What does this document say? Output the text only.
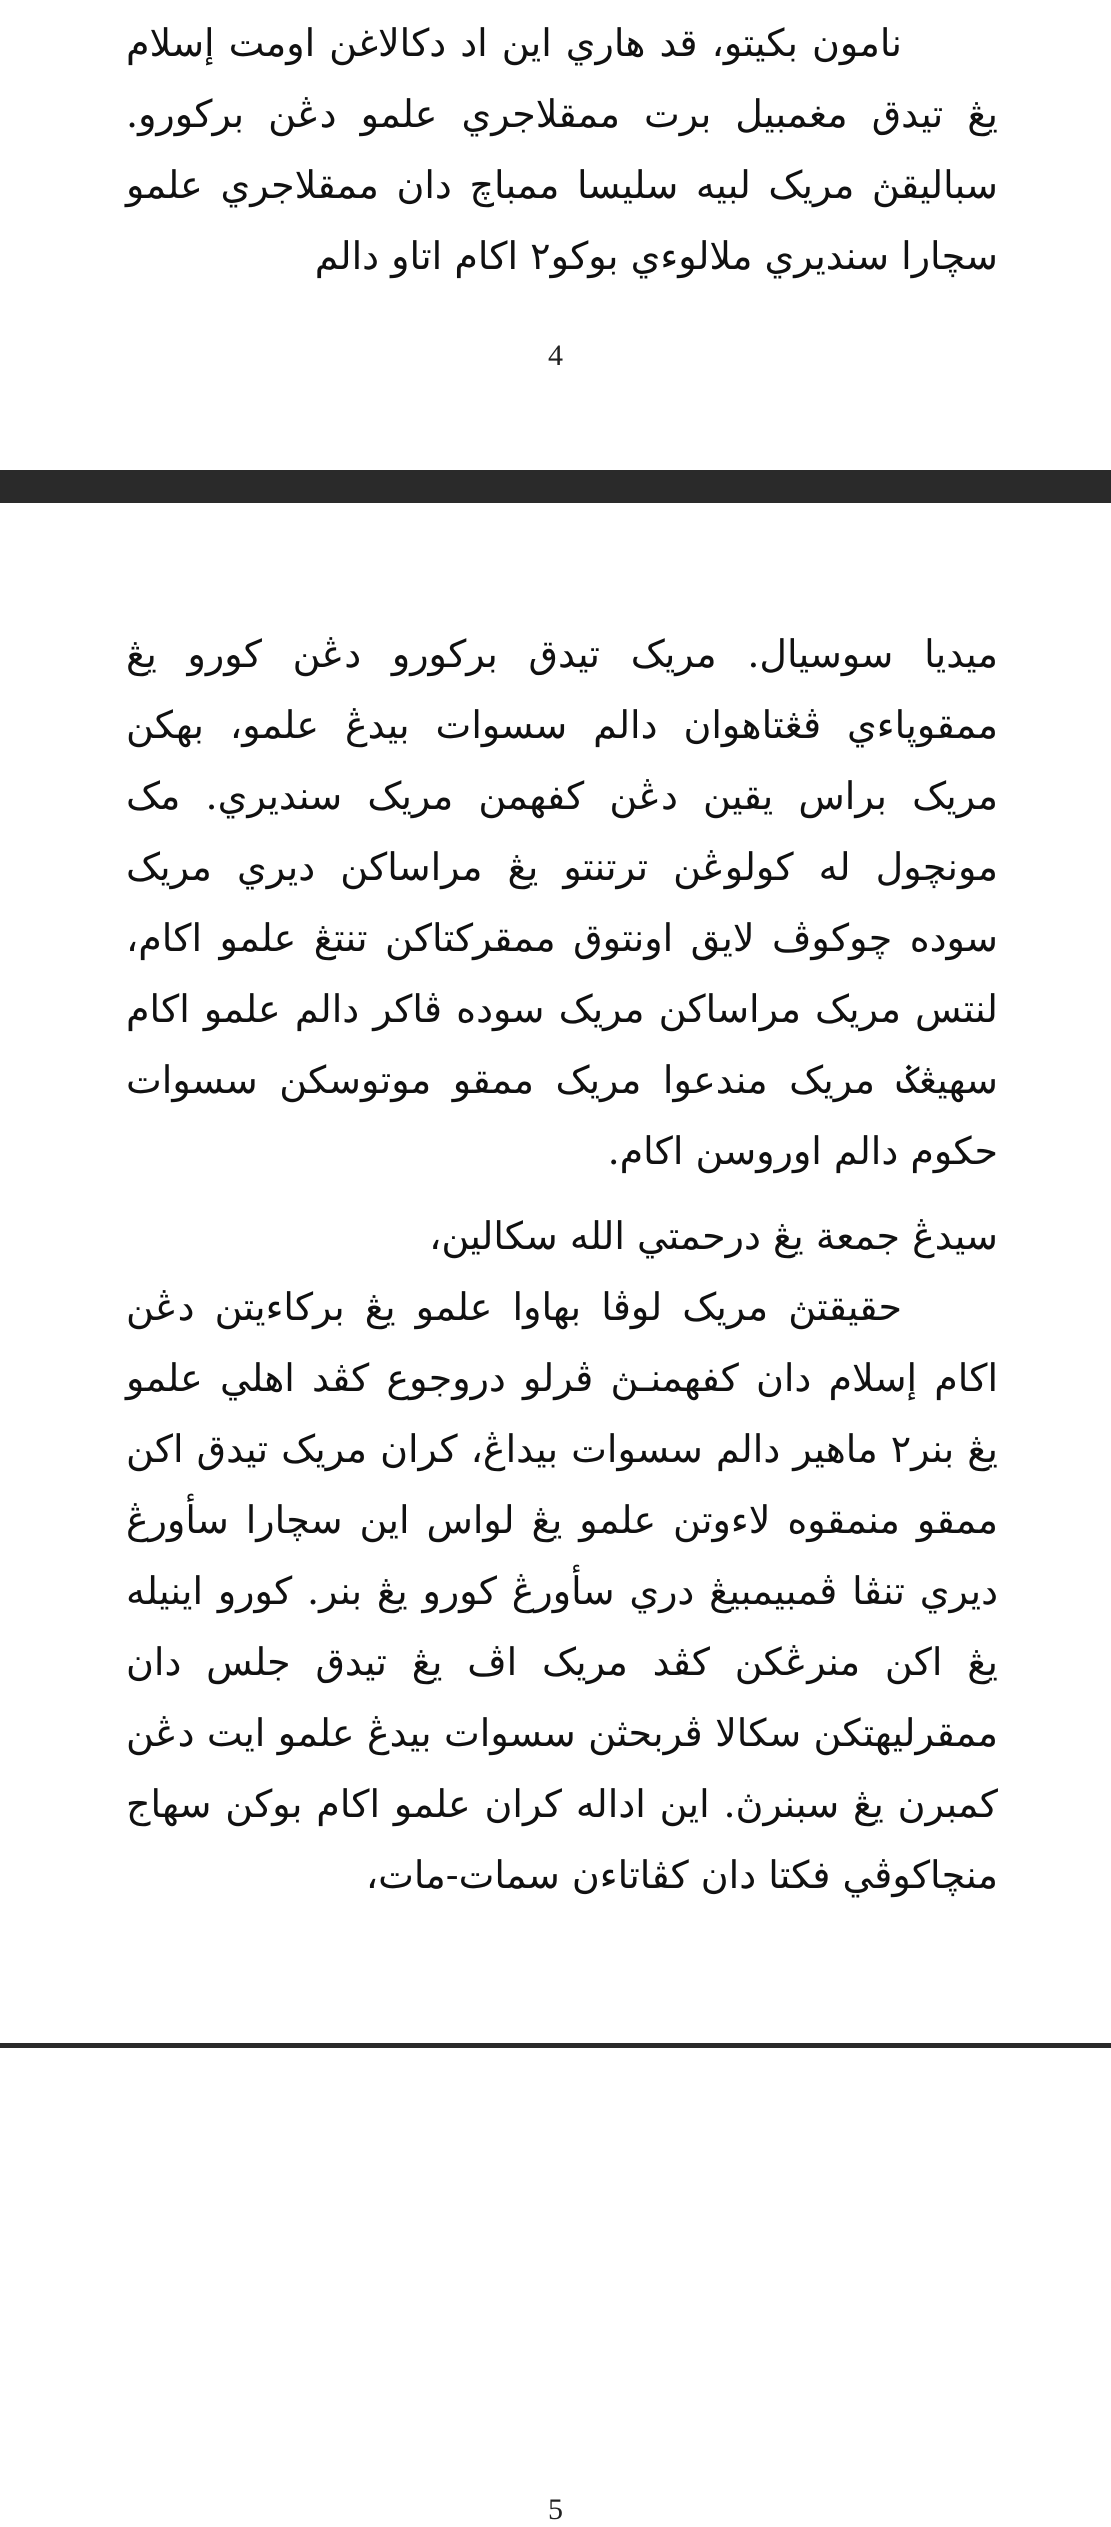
نامون بکيتو، قد هاري اين اد دکالاغن اومت إسلام يڠ تيدق مغمبيل برت ممقلاجري علمو دڠن برکورو. سباليقڽ مريک لبيه سليسا ممباچ دان ممقلاجري علمو سچارا سنديري ملالوءي بوکو٢ اکام اتاو دالم

4

ميديا سوسيال. مريک تيدق برکورو دڠن کورو يڠ ممقوڽاءي ڤڠتاهوان دالم سسوات بيدڠ علمو، بهکن مريک براس يقين دڠن کفهمن مريک سنديري. مک مونچول له کولوڠن ترتنتو يڠ مراساکن ديري مريک سوده چوکوڤ لايق اونتوق ممقرکتاکن تنتڠ علمو اکام، لنتس مريک مراساکن مريک سوده ڤاکر دالم علمو اکام سهيڠݢ مريک مندعوا مريک ممقو موتوسکن سسوات حکوم دالم اوروسن اکام.

سيدڠ جمعة يڠ درحمتي الله سکالين،

حقيقتڽ مريک لوڤا بهاوا علمو يڠ برکاءيتن دڠن اکام إسلام دان کفهمنـڽ ڤرلو دروجوع کڤد اهلي علمو يڠ بنر٢ ماهير دالم سسوات بيداڠ، کران مريک تيدق اکن ممقو منمقوه لاءوتن علمو يڠ لواس اين سچارا سأورڠ ديري تنڤا ڤمبيمبيڠ دري سأورڠ کورو يڠ بنر. کورو اينيله يڠ اکن منرڠکن کڤد مريک اڤ يڠ تيدق جلس دان ممقرليهتکن سکالا ڤربحثن سسوات بيدڠ علمو ايت دڠن کمبرن يڠ سبنرڽ. اين اداله کران علمو اکام بوکن سهاج منچاکوڤي فکتا دان کڤاتاءن سمات-مات،

5
